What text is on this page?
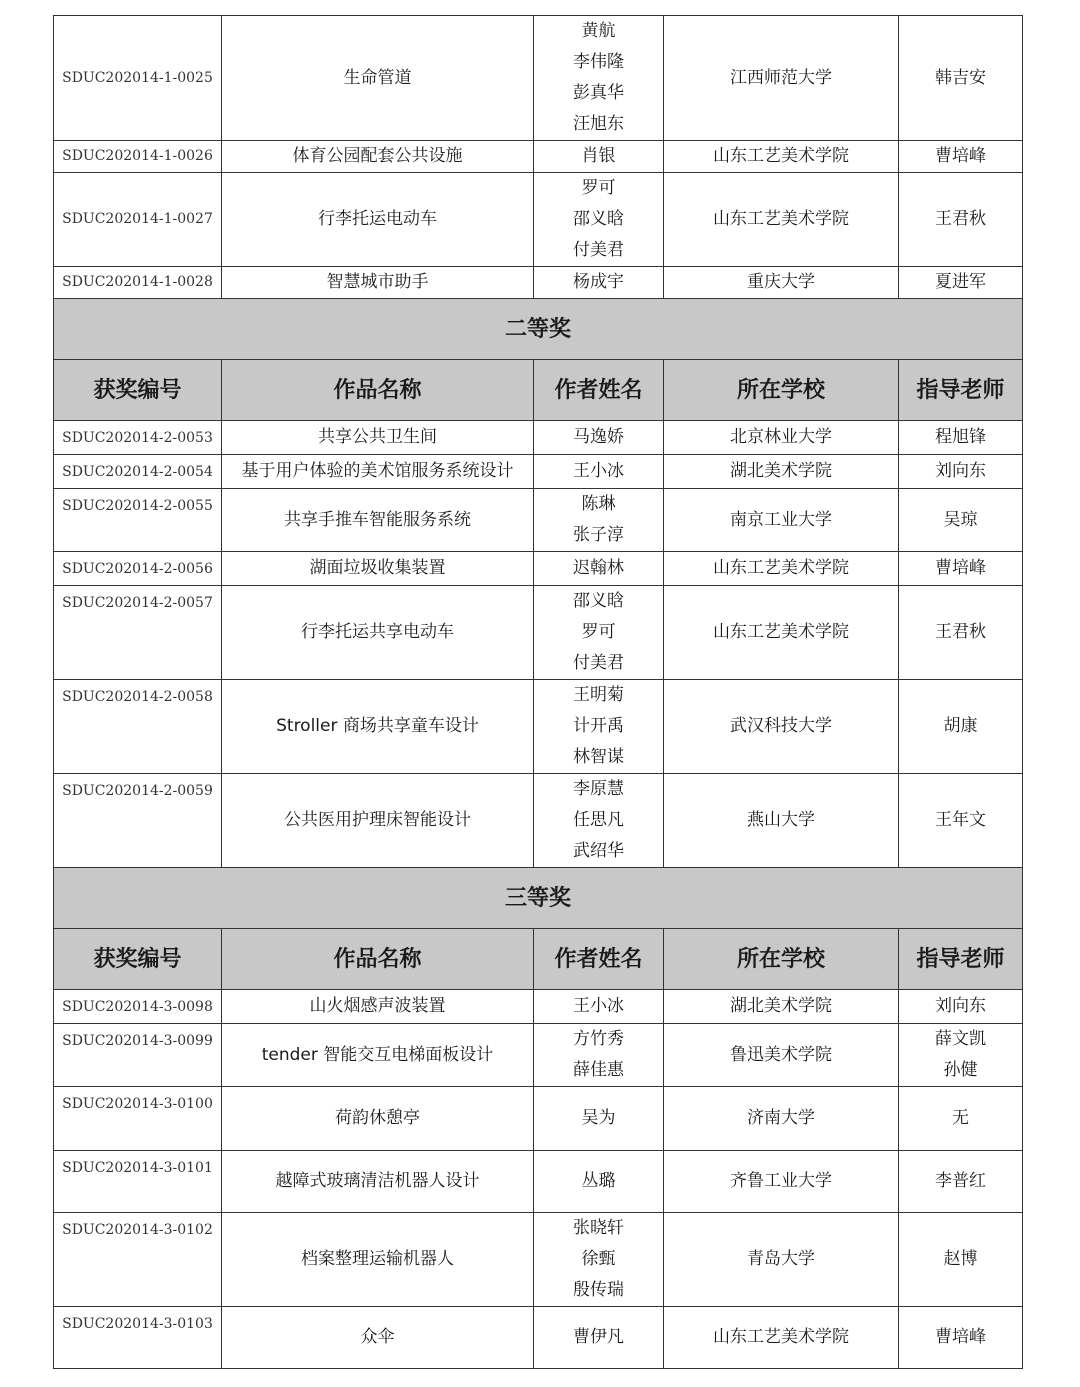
SDUC202014-1-0025	生命管道	黄航
李伟隆
彭真华
汪旭东	江西师范大学	韩吉安

SDUC202014-1-0026	体育公园配套公共设施	肖银	山东工艺美术学院	曹培峰

SDUC202014-1-0027	行李托运电动车	罗可
邵义晗
付美君	山东工艺美术学院	王君秋

SDUC202014-1-0028	智慧城市助手	杨成宇	重庆大学	夏进军

二等奖				
获奖编号	作品名称	作者姓名	所在学校	指导老师
SDUC202014-2-0053	共享公共卫生间	马逸娇	北京林业大学	程旭锋

SDUC202014-2-0054	基于用户体验的美术馆服务系统设计	王小冰	湖北美术学院	刘向东

SDUC202014-2-0055	共享手推车智能服务系统	陈琳
张子淳	南京工业大学	吴琼

SDUC202014-2-0056	湖面垃圾收集装置	迟翰林	山东工艺美术学院	曹培峰

SDUC202014-2-0057	行李托运共享电动车	邵义晗
罗可
付美君	山东工艺美术学院	王君秋

SDUC202014-2-0058	Stroller 商场共享童车设计	王明菊
计开禹
林智谋	武汉科技大学	胡康

SDUC202014-2-0059	公共医用护理床智能设计	李原慧
任思凡
武绍华	燕山大学	王年文

三等奖				
获奖编号	作品名称	作者姓名	所在学校	指导老师
SDUC202014-3-0098	山火烟感声波装置	王小冰	湖北美术学院	刘向东

SDUC202014-3-0099	tender 智能交互电梯面板设计	方竹秀
薛佳惠	鲁迅美术学院	薛文凯
孙健

SDUC202014-3-0100	荷韵休憩亭	吴为	济南大学	无

SDUC202014-3-0101	越障式玻璃清洁机器人设计	丛璐	齐鲁工业大学	李普红

SDUC202014-3-0102	档案整理运输机器人	张晓轩
徐甄
殷传瑞	青岛大学	赵博

SDUC202014-3-0103	众伞	曹伊凡	山东工艺美术学院	曹培峰
